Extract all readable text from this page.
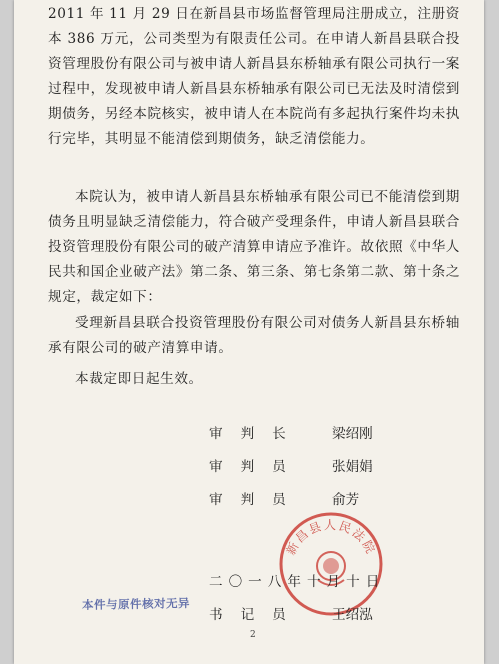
2011 年 11 月 29 日在新昌县市场监督管理局注册成立，注册资本 386 万元，公司类型为有限责任公司。在申请人新昌县联合投资管理股份有限公司与被申请人新昌县东桥轴承有限公司执行一案过程中，发现被申请人新昌县东桥轴承有限公司已无法及时清偿到期债务，另经本院核实，被申请人在本院尚有多起执行案件均未执行完毕，其明显不能清偿到期债务，缺乏清偿能力。

本院认为，被申请人新昌县东桥轴承有限公司已不能清偿到期债务且明显缺乏清偿能力，符合破产受理条件，申请人新昌县联合投资管理股份有限公司的破产清算申请应予准许。故依照《中华人民共和国企业破产法》第二条、第三条、第七条第二款、第十条之规定，裁定如下：

受理新昌县联合投资管理股份有限公司对债务人新昌县东桥轴承有限公司的破产清算申请。

本裁定即日起生效。

审判长 梁绍刚
审判员 张娟娟
审判员 俞芳
新昌县人民法院
二〇一八年十月十日
本件与原件核对无异
书记员 王绍泓
2
